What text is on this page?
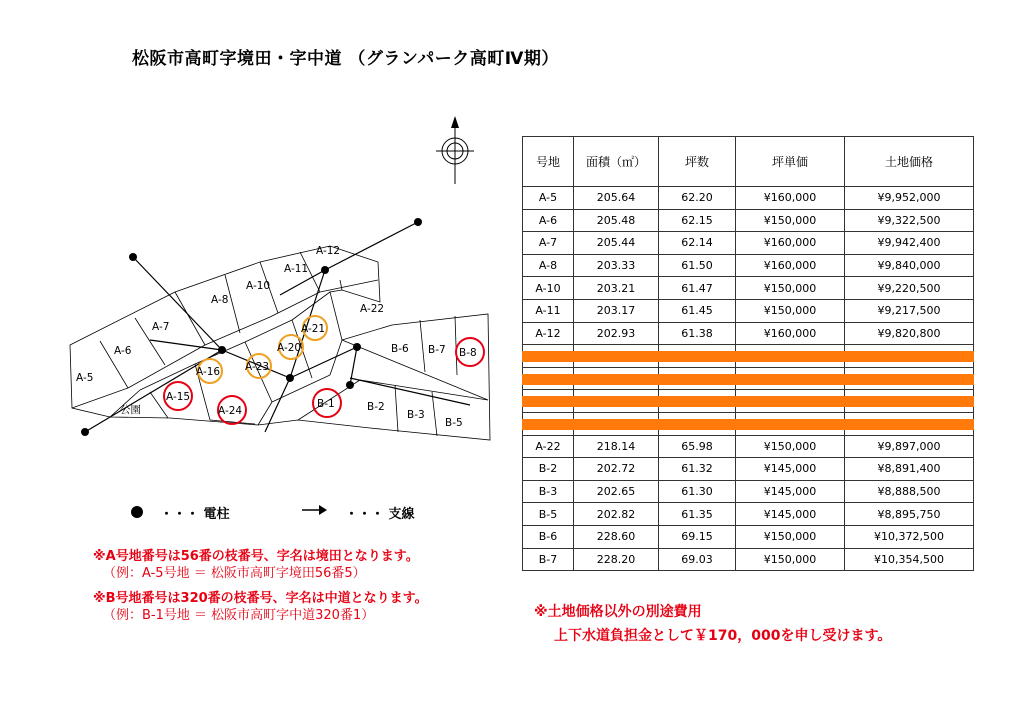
松阪市高町字境田・字中道 （グランパーク高町Ⅳ期）
A-5
A-6
A-7
A-8
A-10
A-11
A-12
A-22
B-6 B-7
B-2
B-3
B-5
公園
A-15
A-24
B-1
B-8
A-16 A-23
A-20
A-21
号地	面積（㎡）	坪数	坪単価	土地価格
A-5	205.64	62.20	¥160,000	¥9,952,000
A-6	205.48	62.15	¥150,000	¥9,322,500
A-7	205.44	62.14	¥160,000	¥9,942,400
A-8	203.33	61.50	¥160,000	¥9,840,000
A-10	203.21	61.47	¥150,000	¥9,220,500
A-11	203.17	61.45	¥150,000	¥9,217,500
A-12	202.93	61.38	¥160,000	¥9,820,800

A-22	218.14	65.98	¥150,000	¥9,897,000
B-2	202.72	61.32	¥145,000	¥8,891,400
B-3	202.65	61.30	¥145,000	¥8,888,500
B-5	202.82	61.35	¥145,000	¥8,895,750
B-6	228.60	69.15	¥150,000	¥10,372,500
B-7	228.20	69.03	¥150,000	¥10,354,500
・・・ 電柱	・・・ 支線
※A号地番号は56番の枝番号、字名は境田となります。
（例：A-5号地 ＝ 松阪市高町字境田56番5）
※B号地番号は320番の枝番号、字名は中道となります。
（例：B-1号地 ＝ 松阪市高町字中道320番1）	※土地価格以外の別途費用
上下水道負担金として￥170，000を申し受けます。
